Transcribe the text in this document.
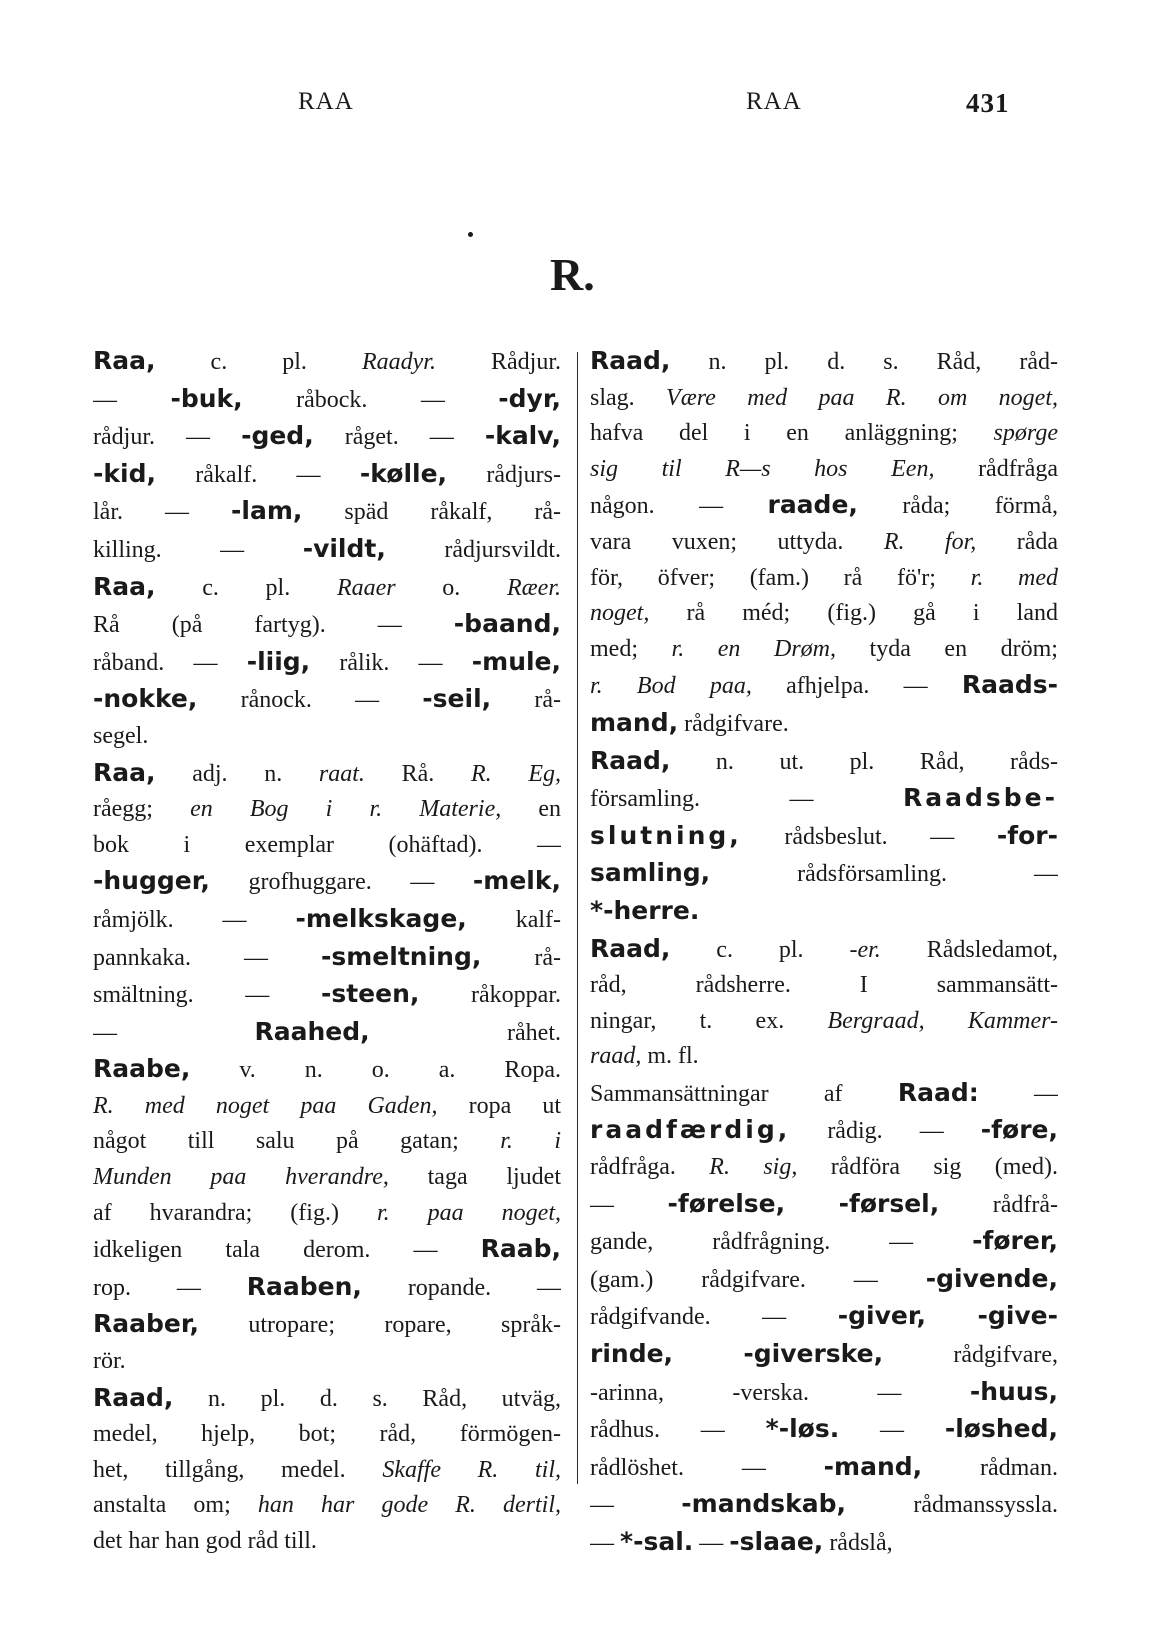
RAA	RAA	431
R.
Raa, c. pl. Raadyr. Rådjur.
— -buk, råbock. — -dyr,
rådjur. — -ged, råget. — -kalv,
-kid, råkalf. — -kølle, rådjurs-
lår. — -lam, späd råkalf, rå-
killing. — -vildt, rådjursvildt.
Raa, c. pl. Raaer o. Ræer.
Rå (på fartyg). — -baand,
råband. — -liig, rålik. — -mule,
-nokke, rånock. — -seil, rå-
segel.
Raa, adj. n. raat. Rå. R. Eg,
råegg; en Bog i r. Materie, en
bok i exemplar (ohäftad). —
-hugger, grofhuggare. — -melk,
råmjölk. — -melkskage, kalf-
pannkaka. — -smeltning, rå-
smältning. — -steen, råkoppar.
— Raahed, råhet.
Raabe, v. n. o. a. Ropa.
R. med noget paa Gaden, ropa ut
något till salu på gatan; r. i
Munden paa hverandre, taga ljudet
af hvarandra; (fig.) r. paa noget,
idkeligen tala derom. — Raab,
rop. — Raaben, ropande. —
Raaber, utropare; ropare, språk-
rör.
Raad, n. pl. d. s. Råd, utväg,
medel, hjelp, bot; råd, förmögen-
het, tillgång, medel. Skaffe R. til,
anstalta om; han har gode R. dertil,
det har han god råd till.
Raad, n. pl. d. s. Råd, råd-
slag. Være med paa R. om noget,
hafva del i en anläggning; spørge
sig til R—s hos Een, rådfråga
någon. — raade, råda; förmå,
vara vuxen; uttyda. R. for, råda
för, öfver; (fam.) rå fö'r; r. med
noget, rå méd; (fig.) gå i land
med; r. en Drøm, tyda en dröm;
r. Bod paa, afhjelpa. — Raads-
mand, rådgifvare.
Raad, n. ut. pl. Råd, råds-
församling. — Raadsbe-
slutning, rådsbeslut. — -for-
samling, rådsförsamling. —
*-herre.
Raad, c. pl. -er. Rådsledamot,
råd, rådsherre. I sammansätt-
ningar, t. ex. Bergraad, Kammer-
raad, m. fl.
Sammansättningar af Raad: —
raadfærdig, rådig. — -føre,
rådfråga. R. sig, rådföra sig (med).
— -førelse, -førsel, rådfrå-
gande, rådfrågning. — -fører,
(gam.) rådgifvare. — -givende,
rådgifvande. — -giver, -give-
rinde,	-giverske, rådgifvare,
-arinna, -verska. — -huus,
rådhus. — *-løs. — -løshed,
rådlöshet. — -mand, rådman.
— -mandskab, rådmanssyssla.
— *-sal. — -slaae, rådslå,
